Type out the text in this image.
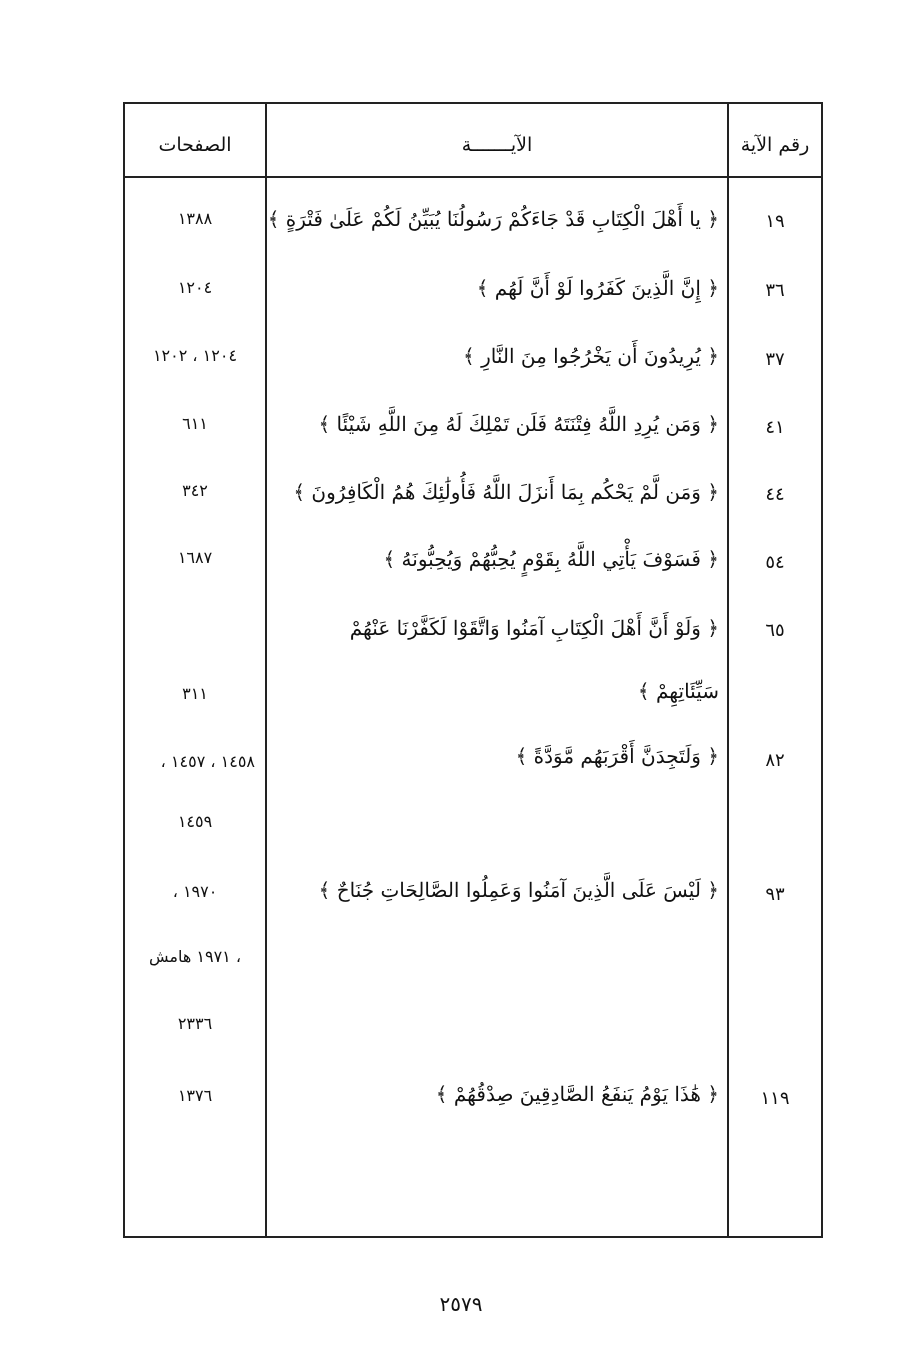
رقم الآية
الآيـــــــة
الصفحات
١٩
﴿ يا أَهْلَ الْكِتَابِ قَدْ جَاءَكُمْ رَسُولُنَا يُبَيِّنُ لَكُمْ عَلَىٰ فَتْرَةٍ ﴾
١٣٨٨
٣٦
﴿ إِنَّ الَّذِينَ كَفَرُوا لَوْ أَنَّ لَهُم ﴾
١٢٠٤
٣٧
﴿ يُرِيدُونَ أَن يَخْرُجُوا مِنَ النَّارِ ﴾
١٢٠٤ ، ١٢٠٢
٤١
﴿ وَمَن يُرِدِ اللَّهُ فِتْنَتَهُ فَلَن تَمْلِكَ لَهُ مِنَ اللَّهِ شَيْئًا ﴾
٦١١
٤٤
﴿ وَمَن لَّمْ يَحْكُم بِمَا أَنزَلَ اللَّهُ فَأُولَٰئِكَ هُمُ الْكَافِرُونَ ﴾
٣٤٢
٥٤
﴿ فَسَوْفَ يَأْتِي اللَّهُ بِقَوْمٍ يُحِبُّهُمْ وَيُحِبُّونَهُ ﴾
١٦٨٧
٦٥
﴿ وَلَوْ أَنَّ أَهْلَ الْكِتَابِ آمَنُوا وَاتَّقَوْا لَكَفَّرْنَا عَنْهُمْ
سَيِّئَاتِهِمْ ﴾
٣١١
٨٢
﴿ وَلَتَجِدَنَّ أَقْرَبَهُم مَّوَدَّةً ﴾
، ١٤٥٨ ، ١٤٥٧
١٤٥٩
٩٣
﴿ لَيْسَ عَلَى الَّذِينَ آمَنُوا وَعَمِلُوا الصَّالِحَاتِ جُنَاحٌ ﴾
، ١٩٧٠
١٩٧١ هامش ،
٢٣٣٦
١١٩
﴿ هَٰذَا يَوْمُ يَنفَعُ الصَّادِقِينَ صِدْقُهُمْ ﴾
١٣٧٦
٢٥٧٩
